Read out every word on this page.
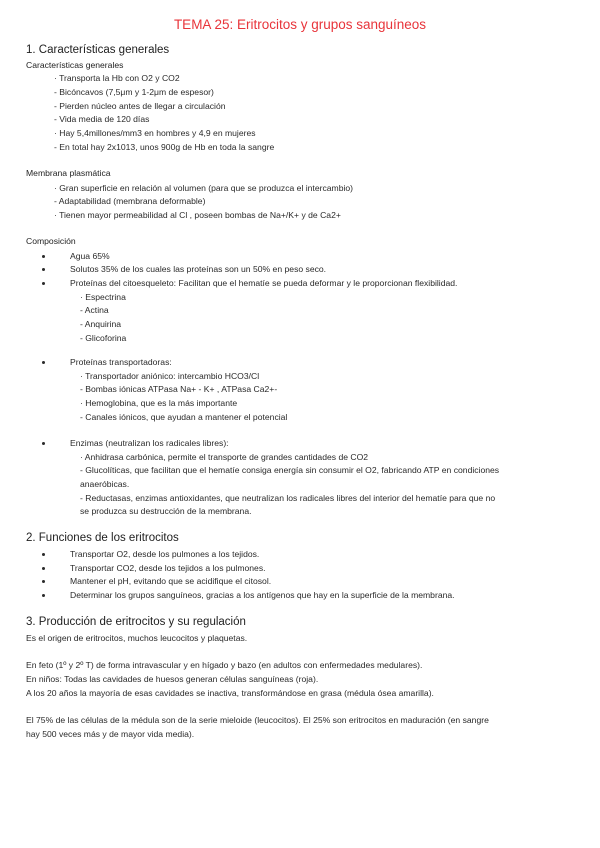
TEMA 25: Eritrocitos y grupos sanguíneos
1. Características generales
Características generales
· Transporta la Hb con O2 y CO2
- Bicóncavos (7,5μm y 1-2μm de espesor)
- Pierden núcleo antes de llegar a circulación
- Vida media de 120 días
· Hay 5,4millones/mm3 en hombres y 4,9 en mujeres
- En total hay 2x1013, unos 900g de Hb en toda la sangre
Membrana plasmática
· Gran superficie en relación al volumen (para que se produzca el intercambio)
- Adaptabilidad (membrana deformable)
· Tienen mayor permeabilidad al Cl , poseen bombas de Na+/K+ y de Ca2+
Composición
Agua 65%
Solutos 35% de los cuales las proteínas son un 50% en peso seco.
Proteínas del citoesqueleto: Facilitan que el hematíe se pueda deformar y le proporcionan flexibilidad.
· Espectrina
- Actina
- Anquirina
- Glicoforina
Proteínas transportadoras:
· Transportador aniónico: intercambio HCO3/Cl
- Bombas iónicas ATPasa Na+ - K+ , ATPasa Ca2+-
· Hemoglobina, que es la más importante
- Canales iónicos, que ayudan a mantener el potencial
Enzimas (neutralizan los radicales libres):
· Anhidrasa carbónica, permite el transporte de grandes cantidades de CO2
- Glucolíticas, que facilitan que el hematíe consiga energía sin consumir el O2, fabricando ATP en condiciones
anaeróbicas.
- Reductasas, enzimas antioxidantes, que neutralizan los radicales libres del interior del hematíe para que no
se produzca su destrucción de la membrana.
2. Funciones de los eritrocitos
Transportar O2, desde los pulmones a los tejidos.
Transportar CO2, desde los tejidos a los pulmones.
Mantener el pH, evitando que se acidifique el citosol.
Determinar los grupos sanguíneos, gracias a los antígenos que hay en la superficie de la membrana.
3. Producción de eritrocitos y su regulación
Es el origen de eritrocitos, muchos leucocitos y plaquetas.
En feto (1º y 2º T) de forma intravascular y en hígado y bazo (en adultos con enfermedades medulares).
En niños: Todas las cavidades de huesos generan células sanguíneas (roja).
A los 20 años la mayoría de esas cavidades se inactiva, transformándose en grasa (médula ósea amarilla).
El 75% de las células de la médula son de la serie mieloide (leucocitos). El 25% son eritrocitos en maduración (en sangre
hay 500 veces más y de mayor vida media).
